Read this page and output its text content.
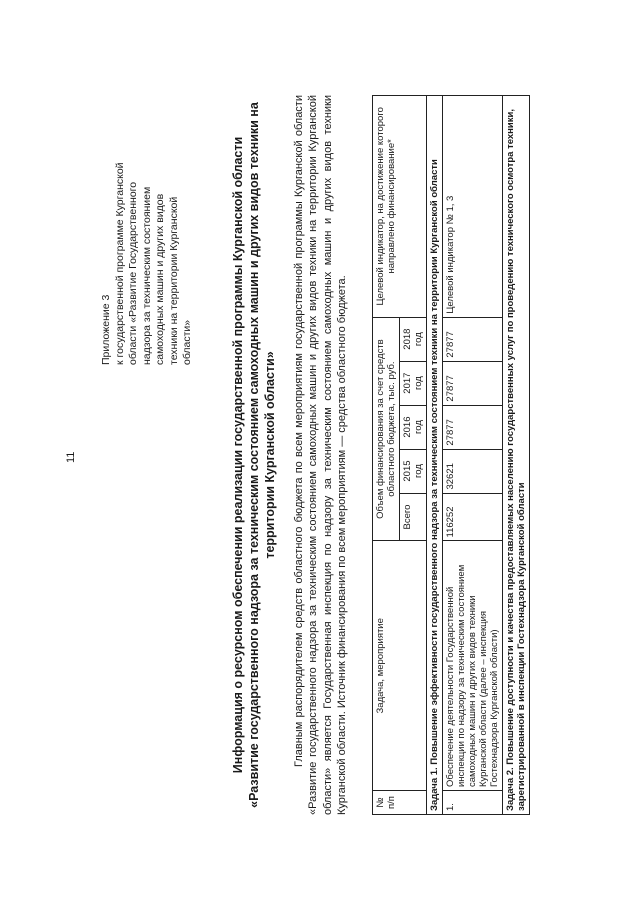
11
Приложение 3 к государственной программе Курганской области «Развитие Государственного надзора за техническим состоянием самоходных машин и других видов техники на территории Курганской области»	Информация о ресурсном обеспечении реализации государственной программы Курганской области «Развитие государственного надзора за техническим состоянием самоходных машин и других видов техники на территории Курганской области» Главным распорядителем средств областного бюджета по всем мероприятиям государственной программы Курганской области «Развитие государственного надзора за техническим состоянием самоходных машин и других видов техники на территории Курганской области» является Государственная инспекция по надзору за техническим состоянием самоходных машин и других видов техники Курганской области. Источник финансирования по всем мероприятиям — средства областного бюджета.	№ п/п	Задача, мероприятие	Объем финансирования за счет средств областного бюджета, тыс. руб.					Целевой индикатор, на достижение которого направлено финансирование*
		Всего	2015 год	2016 год	2017 год	2018 год	
Задача 1. Повышение эффективности государственного надзора за техническим состоянием техники на территории Курганской области							
1.	Обеспечение деятельности Государственной инспекции по надзору за техническим состоянием самоходных машин и других видов техники Курганской области (далее – инспекция Гостехнадзора Курганской области)	116252	32621	27877	27877	27877	Целевой индикатор № 1, 3
Задача 2. Повышение доступности и качества предоставляемых населению государственных услуг по проведению технического осмотра техники, зарегистрированной в инспекции Гостехнадзора Курганской области							
